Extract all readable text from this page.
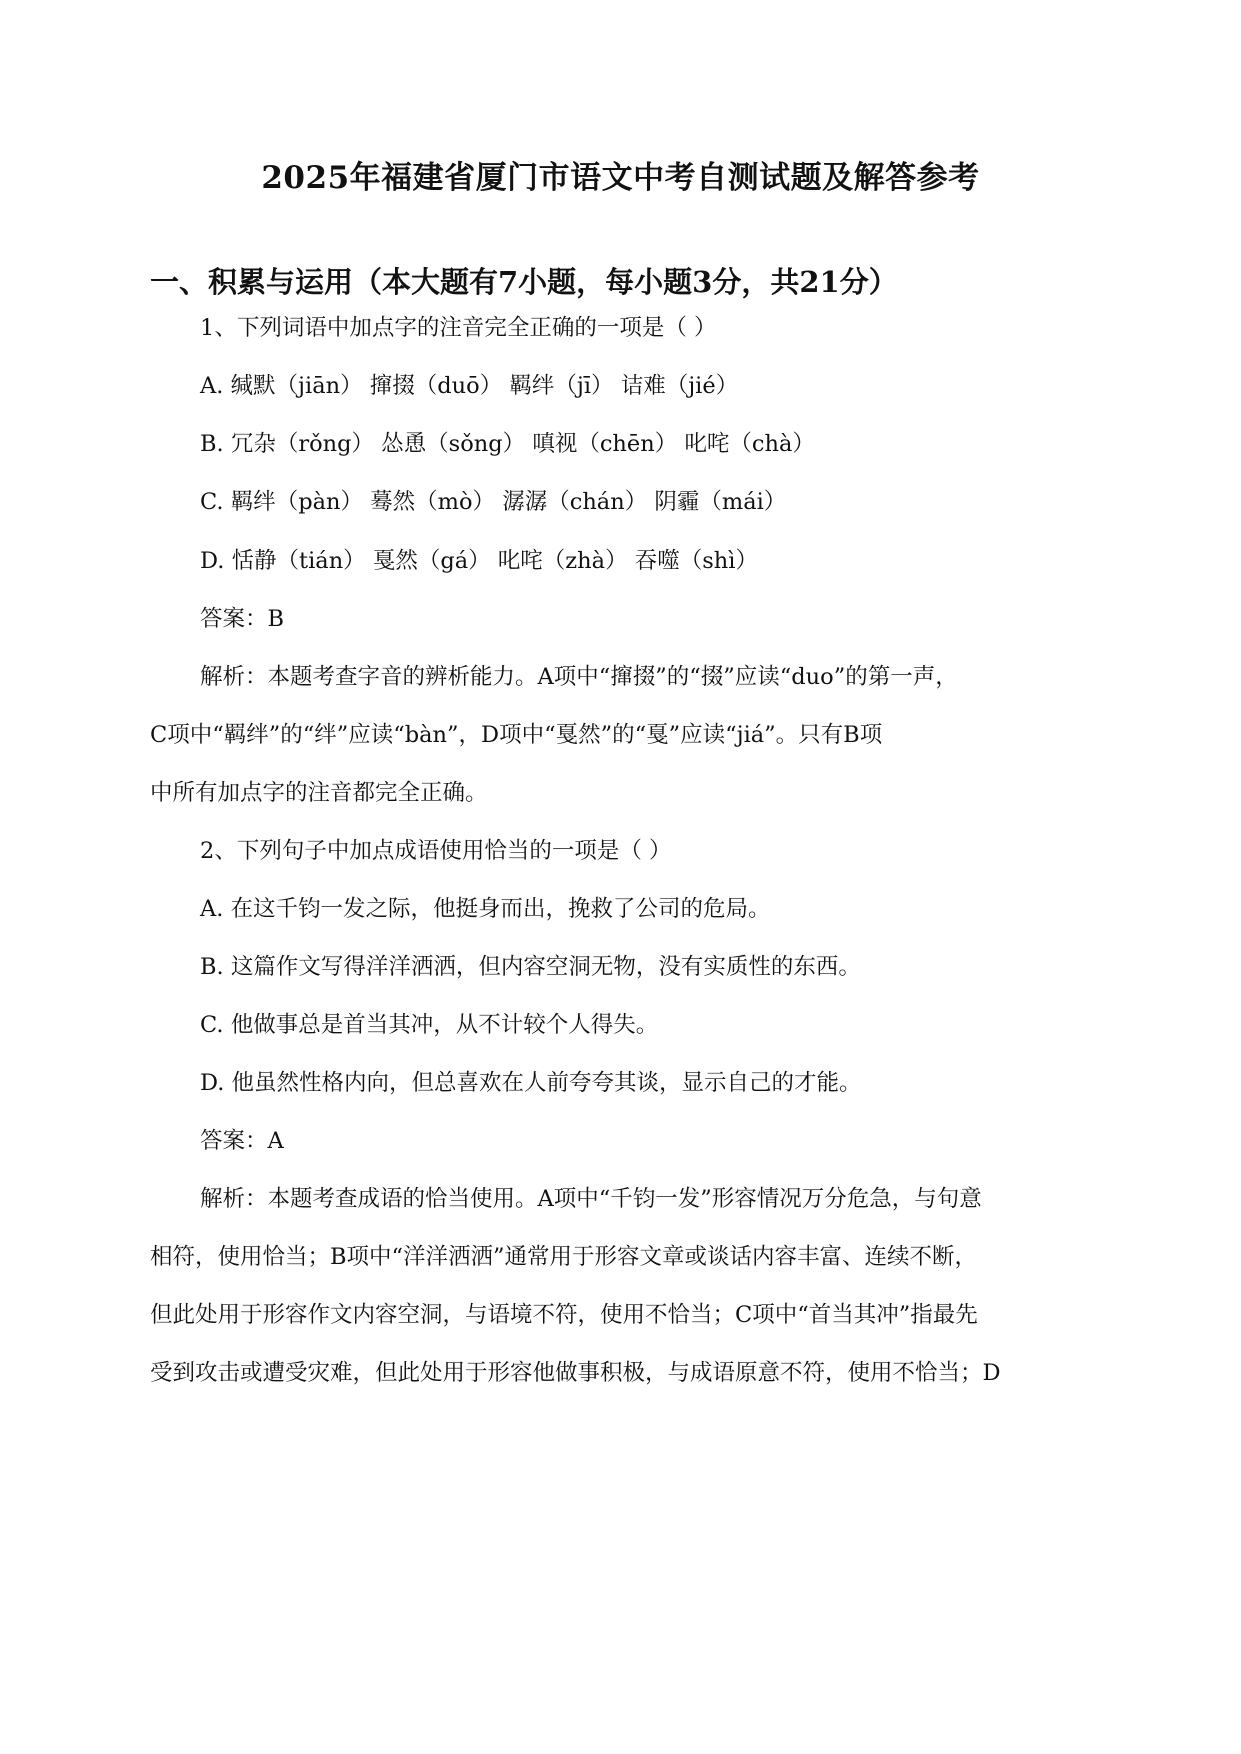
2025年福建省厦门市语文中考自测试题及解答参考
一、积累与运用（本大题有7小题，每小题3分，共21分）

1、下列词语中加点字的注音完全正确的一项是（ ）

A. 缄默（jiān） 撺掇（duō） 羁绊（jī） 诘难（jié）

B. 冗杂（rǒng） 怂恿（sǒng） 嗔视（chēn） 叱咤（chà）

C. 羁绊（pàn） 蓦然（mò） 潺潺（chán） 阴霾（mái）

D. 恬静（tián） 戛然（gá） 叱咤（zhà） 吞噬（shì）

答案：B

解析：本题考查字音的辨析能力。A项中“撺掇”的“掇”应读“duo”的第一声，

C项中“羁绊”的“绊”应读“bàn”，D项中“戛然”的“戛”应读“jiá”。只有B项

中所有加点字的注音都完全正确。

2、下列句子中加点成语使用恰当的一项是（ ）

A. 在这千钧一发之际，他挺身而出，挽救了公司的危局。

B. 这篇作文写得洋洋洒洒，但内容空洞无物，没有实质性的东西。

C. 他做事总是首当其冲，从不计较个人得失。

D. 他虽然性格内向，但总喜欢在人前夸夸其谈，显示自己的才能。

答案：A

解析：本题考查成语的恰当使用。A项中“千钧一发”形容情况万分危急，与句意

相符，使用恰当；B项中“洋洋洒洒”通常用于形容文章或谈话内容丰富、连续不断，

但此处用于形容作文内容空洞，与语境不符，使用不恰当；C项中“首当其冲”指最先

受到攻击或遭受灾难，但此处用于形容他做事积极，与成语原意不符，使用不恰当；D
